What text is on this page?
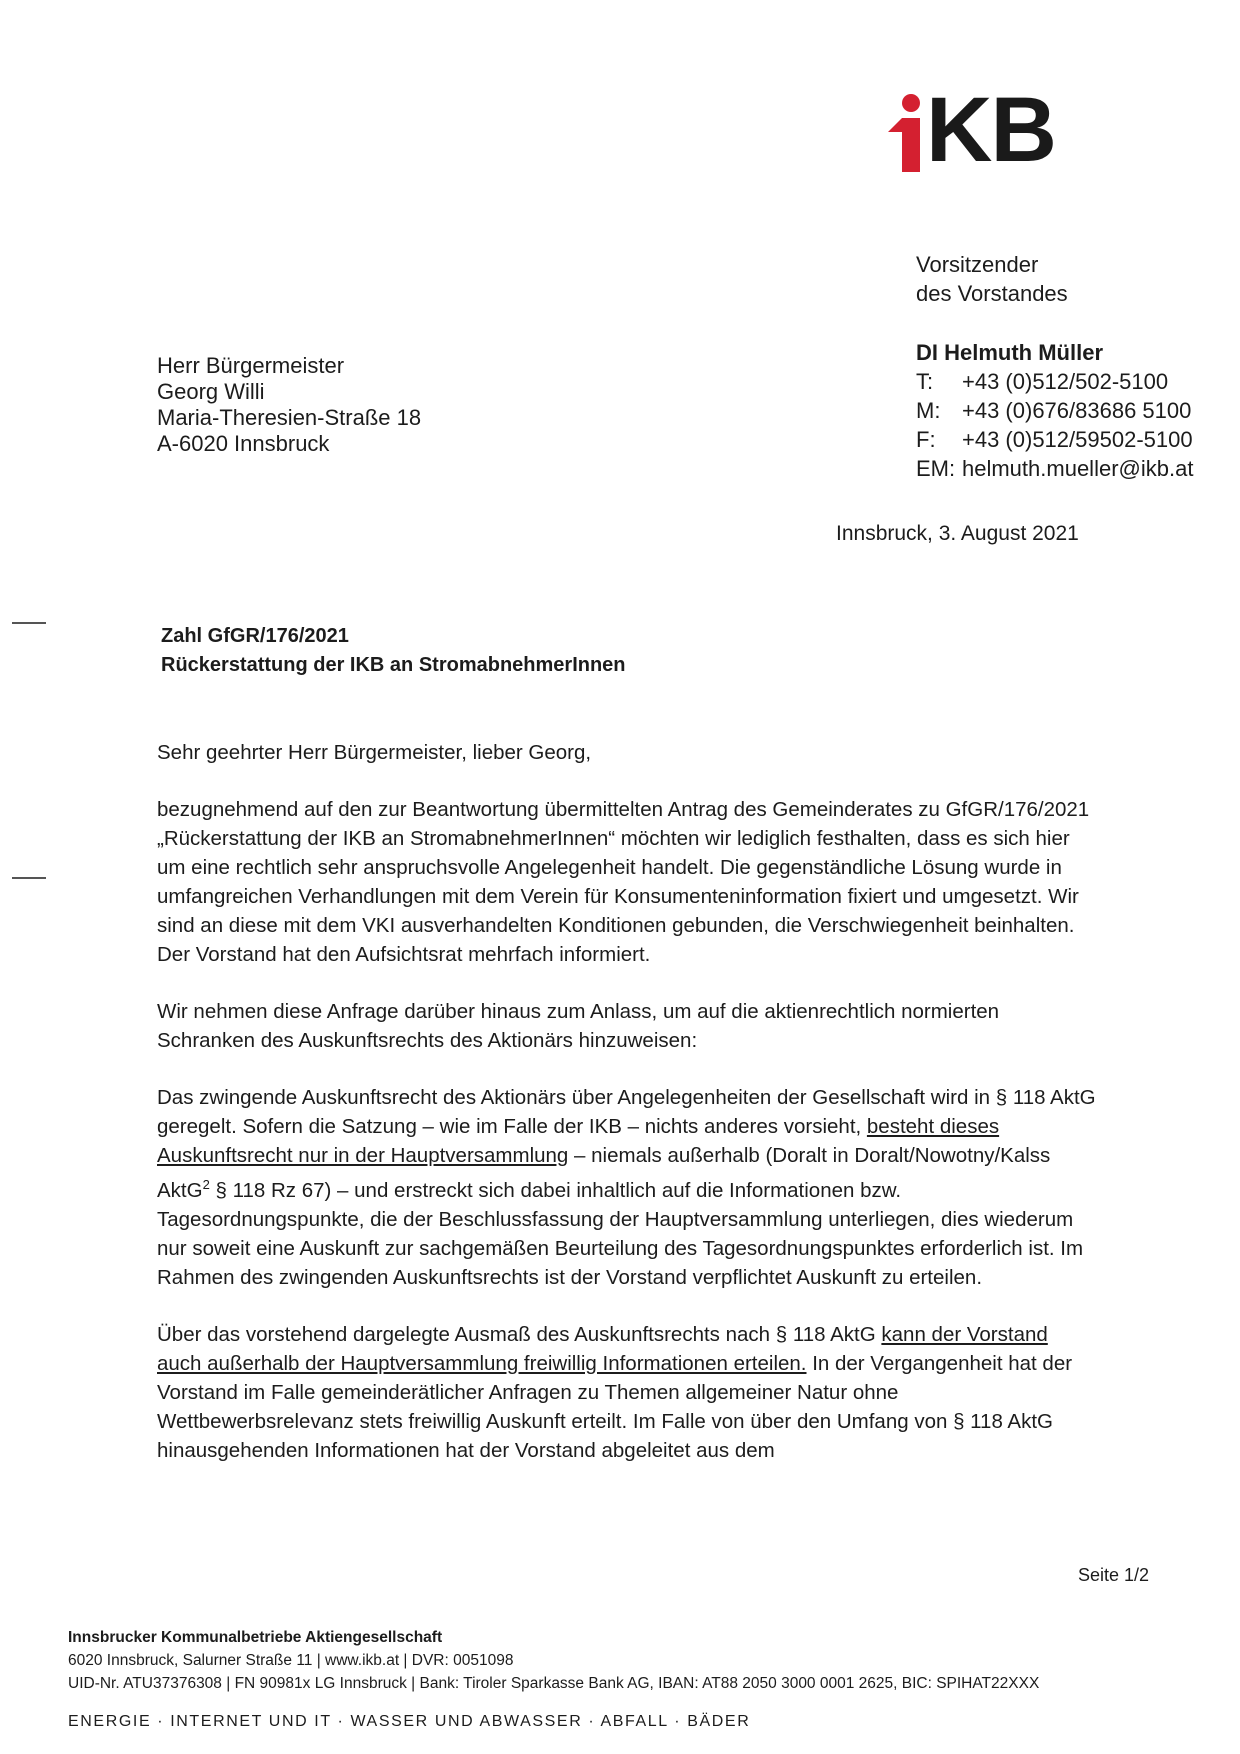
KB
Vorsitzender
des Vorstandes
DI Helmuth Müller
T:	+43 (0)512/502-5100
M: +43 (0)676/83686 5100
F:	+43 (0)512/59502-5100
EM: helmuth.mueller@ikb.at
Herr Bürgermeister
Georg Willi
Maria-Theresien-Straße 18
A-6020 Innsbruck
Innsbruck, 3. August 2021
Zahl GfGR/176/2021
Rückerstattung der IKB an StromabnehmerInnen

Sehr geehrter Herr Bürgermeister, lieber Georg,

bezugnehmend auf den zur Beantwortung übermittelten Antrag des Gemeinderates zu GfGR/176/2021 „Rückerstattung der IKB an StromabnehmerInnen“ möchten wir lediglich festhalten, dass es sich hier um eine rechtlich sehr anspruchsvolle Angelegenheit handelt. Die gegenständliche Lösung wurde in umfangreichen Verhandlungen mit dem Verein für Konsumenteninformation fixiert und umgesetzt. Wir sind an diese mit dem VKI ausverhandelten Konditionen gebunden, die Verschwiegenheit beinhalten. Der Vorstand hat den Aufsichtsrat mehrfach informiert.

Wir nehmen diese Anfrage darüber hinaus zum Anlass, um auf die aktienrechtlich normierten Schranken des Auskunftsrechts des Aktionärs hinzuweisen:

Das zwingende Auskunftsrecht des Aktionärs über Angelegenheiten der Gesellschaft wird in § 118 AktG geregelt. Sofern die Satzung – wie im Falle der IKB – nichts anderes vorsieht, besteht dieses Auskunftsrecht nur in der Hauptversammlung – niemals außerhalb (Doralt in Doralt/Nowotny/Kalss AktG$^2$ § 118 Rz 67) – und erstreckt sich dabei inhaltlich auf die Informationen bzw. Tagesordnungspunkte, die der Beschlussfassung der Hauptversammlung unterliegen, dies wiederum nur soweit eine Auskunft zur sachgemäßen Beurteilung des Tagesordnungspunktes erforderlich ist. Im Rahmen des zwingenden Auskunftsrechts ist der Vorstand verpflichtet Auskunft zu erteilen.

Über das vorstehend dargelegte Ausmaß des Auskunftsrechts nach § 118 AktG kann der Vorstand auch außerhalb der Hauptversammlung freiwillig Informationen erteilen. In der Vergangenheit hat der Vorstand im Falle gemeinderätlicher Anfragen zu Themen allgemeiner Natur ohne Wettbewerbsrelevanz stets freiwillig Auskunft erteilt. Im Falle von über den Umfang von § 118 AktG hinausgehenden Informationen hat der Vorstand abgeleitet aus dem

Seite 1/2
Innsbrucker Kommunalbetriebe Aktiengesellschaft
6020 Innsbruck, Salurner Straße 11 | www.ikb.at | DVR: 0051098
UID-Nr. ATU37376308 | FN 90981x LG Innsbruck | Bank: Tiroler Sparkasse Bank AG, IBAN: AT88 2050 3000 0001 2625, BIC: SPIHAT22XXX
ENERGIE · INTERNET UND IT · WASSER UND ABWASSER · ABFALL · BÄDER
